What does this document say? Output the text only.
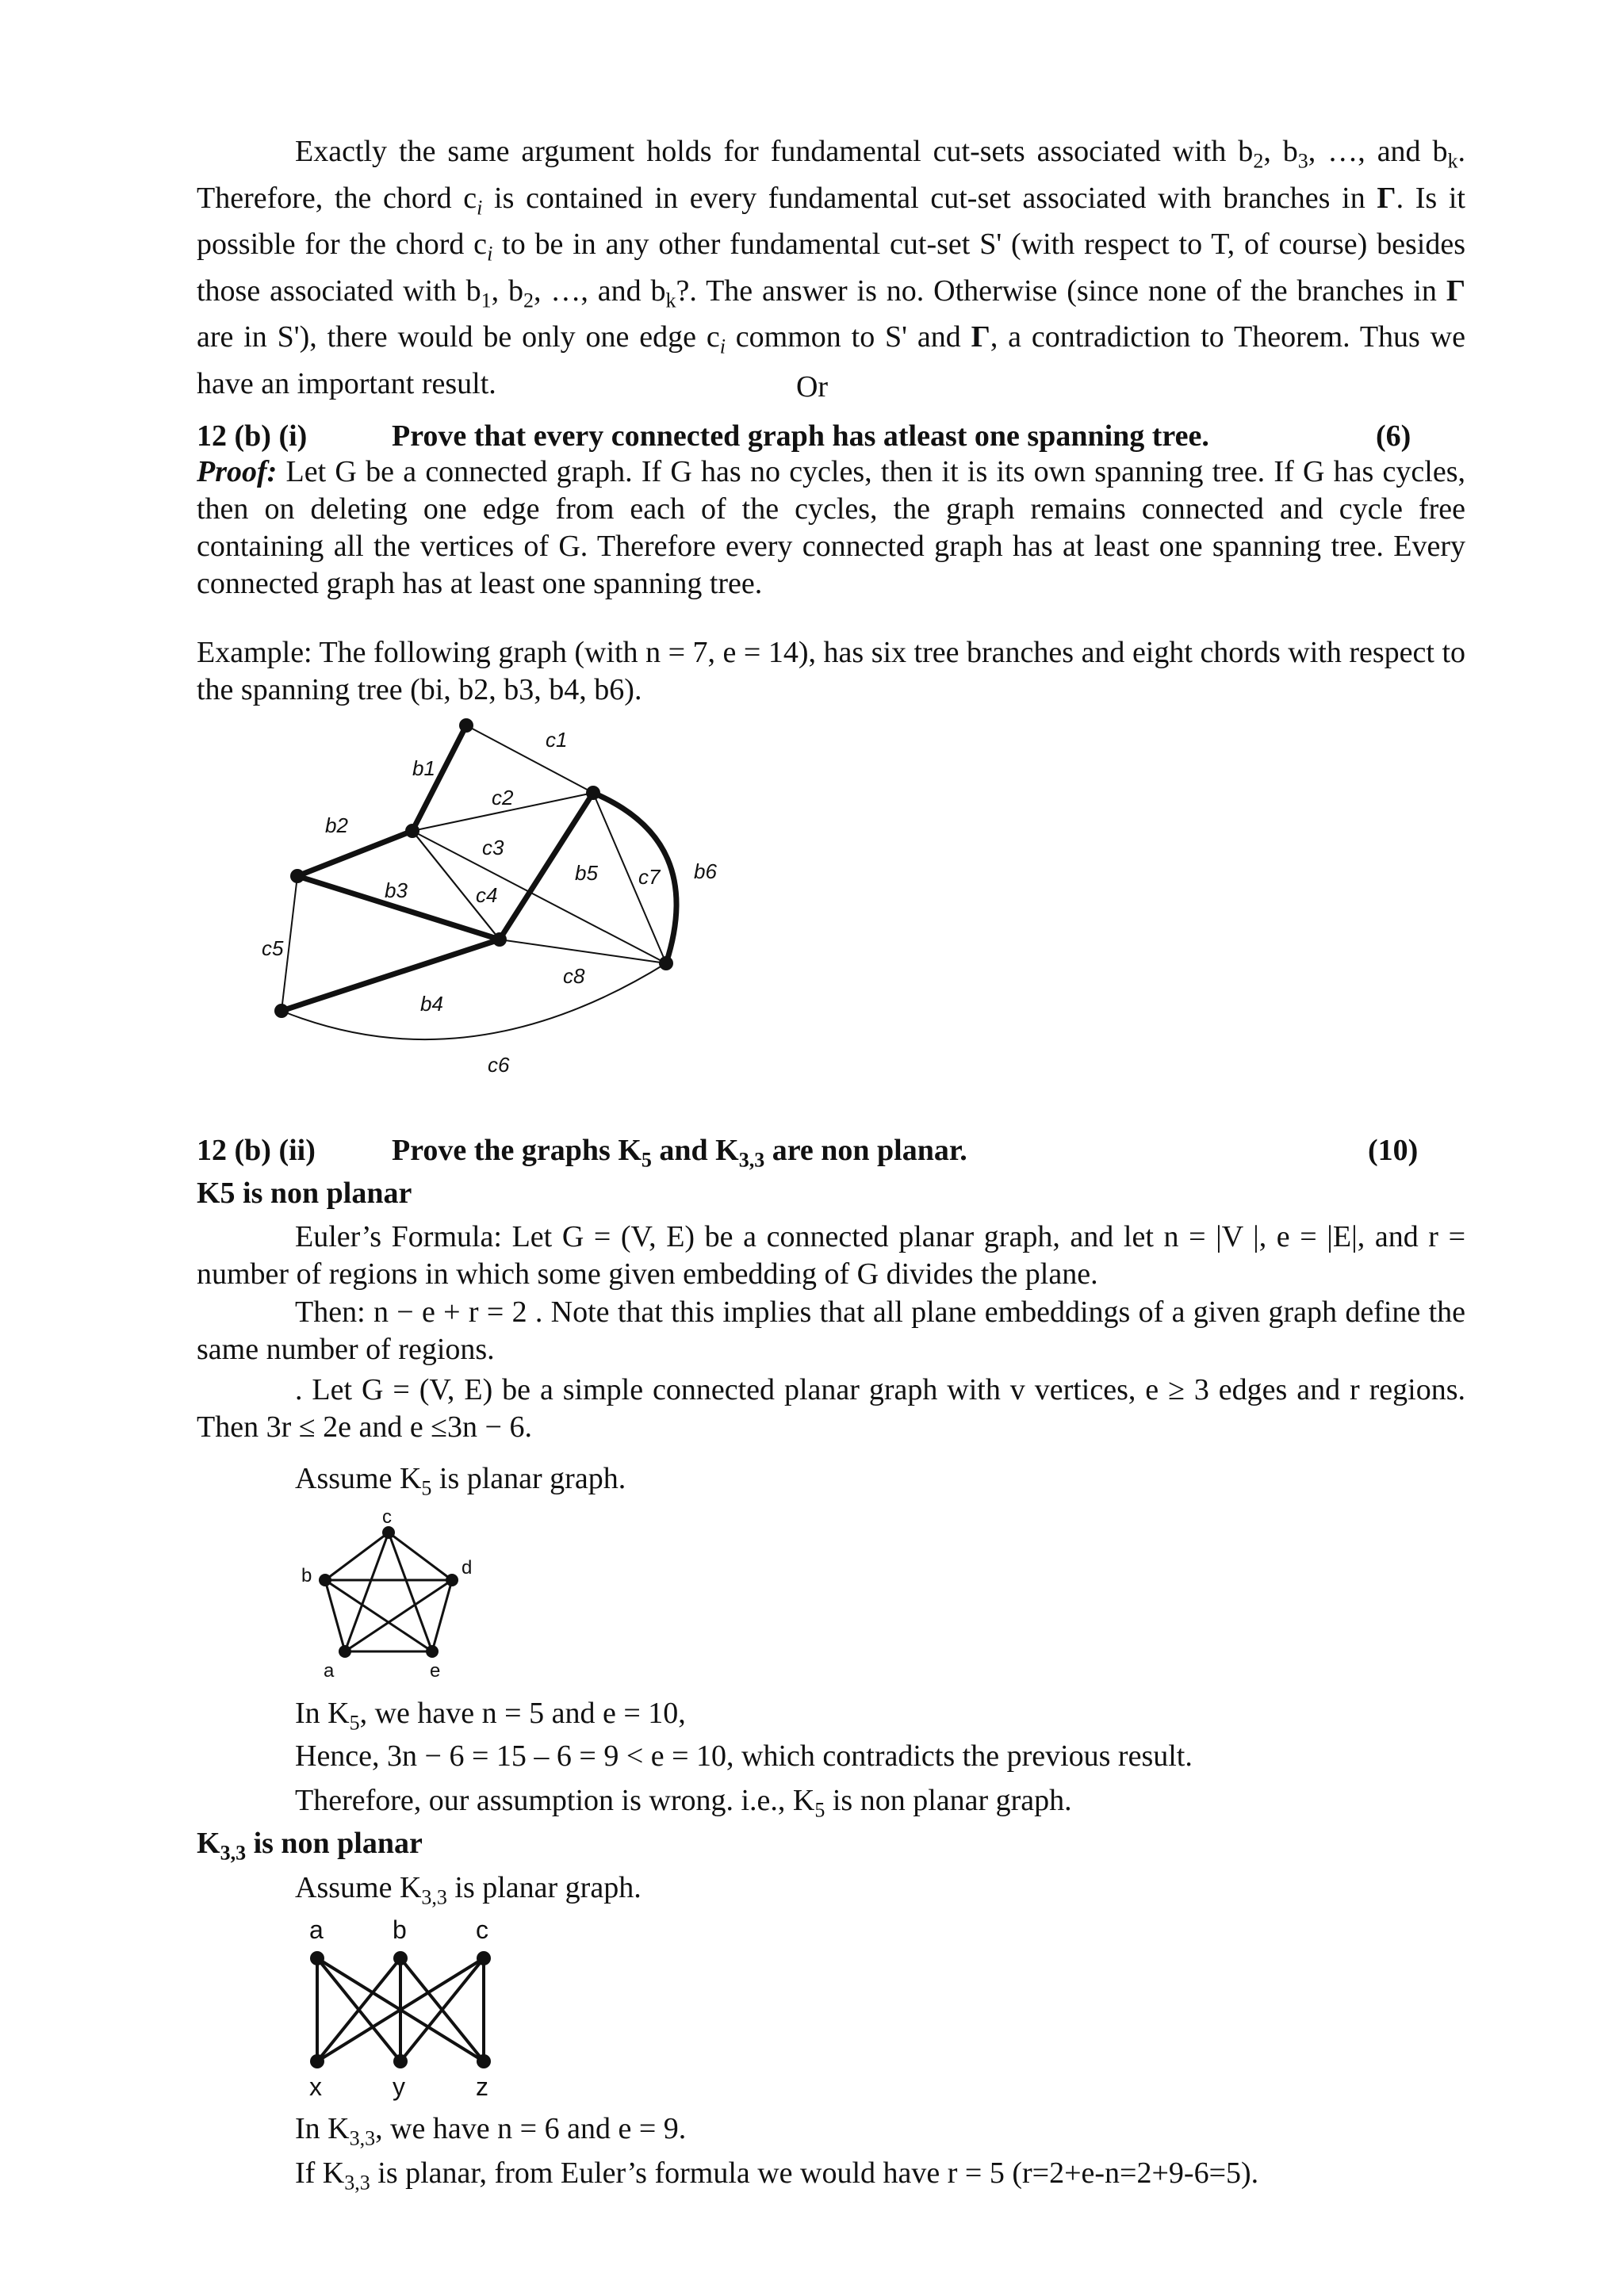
Exactly the same argument holds for fundamental cut-sets associated with $b_2$, $b_3$, …, and $b_k$. Therefore, the chord $c_i$ is contained in every fundamental cut-set associated with branches in Γ. Is it possible for the chord $c_i$ to be in any other fundamental cut-set S' (with respect to T, of course) besides those associated with $b_1$, $b_2$, …, and $b_k$?. The answer is no. Otherwise (since none of the branches in Γ are in S'), there would be only one edge $c_i$ common to S' and Γ, a contradiction to Theorem. Thus we have an important result.	Or
12 (b) (i)	Prove that every connected graph has atleast one spanning tree.	(6)

Proof: Let G be a connected graph. If G has no cycles, then it is its own spanning tree. If G has cycles, then on deleting one edge from each of the cycles, the graph remains connected and cycle free containing all the vertices of G. Therefore every connected graph has at least one spanning tree. Every connected graph has at least one spanning tree.

Example: The following graph (with n = 7, e = 14), has six tree branches and eight chords with respect to the spanning tree (bi, b2, b3, b4, b6).

b1
b2
b3
b4
b5	b6
c1
c2
c3
c4
c5
c6
c7
c8
12 (b) (ii)	Prove the graphs $K_5$ and $K_{3,3}$ are non planar.	(10)
K5 is non planar

Euler’s Formula: Let G = (V, E) be a connected planar graph, and let n = |V |, e = |E|, and r = number of regions in which some given embedding of G divides the plane.

Then: n − e + r = 2 . Note that this implies that all plane embeddings of a given graph define the same number of regions.

. Let G = (V, E) be a simple connected planar graph with v vertices, e ≥ 3 edges and r regions. Then 3r ≤ 2e and e ≤3n − 6.

Assume $K_5$ is planar graph.
a
b
c
d
e
In $K_5$, we have n = 5 and e = 10,
Hence, 3n − 6 = 15 – 6 = 9 < e = 10, which contradicts the previous result.
Therefore, our assumption is wrong. i.e., $K_5$ is non planar graph.
$K_{3,3}$ is non planar
Assume $K_{3,3}$ is planar graph.
a	b	c
x	y	z
In $K_{3,3}$, we have n = 6 and e = 9.
If $K_{3,3}$ is planar, from Euler’s formula we would have r = 5 (r=2+e-n=2+9-6=5).
